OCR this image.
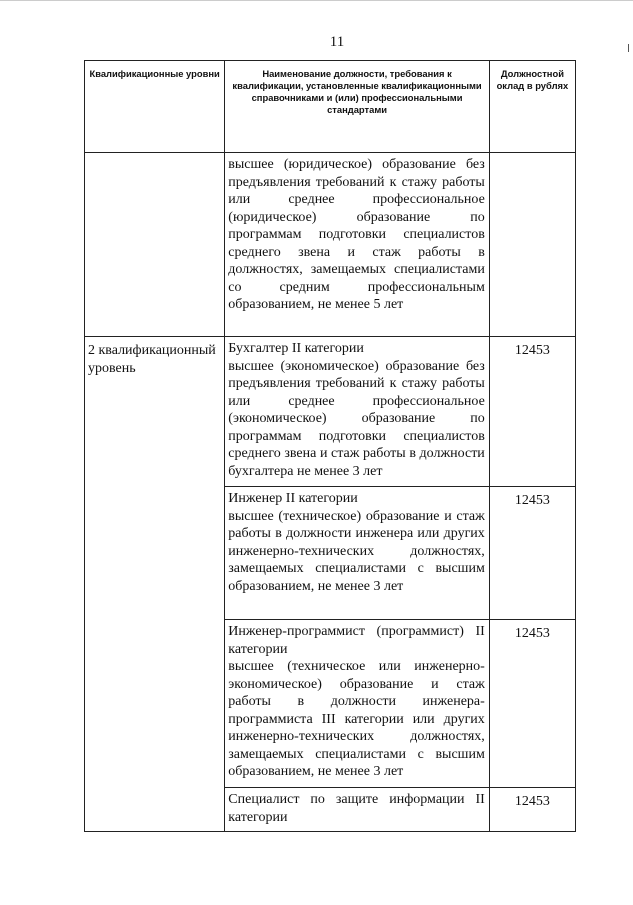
11
Квалификационные уровни	Наименование должности, требования к квалификации, установленные квалификационными справочниками и (или) профессиональными стандартами	Должностной оклад в рублях

	высшее (юридическое) образование без предъявления требований к стажу работы или среднее профессиональное (юридическое) образование по программам подготовки специалистов среднего звена и стаж работы в должностях, замещаемых специалистами со средним профессиональным образованием, не менее 5 лет	

2 квалификационный уровень	Бухгалтер II категории
высшее (экономическое) образование без предъявления требований к стажу работы или среднее профессиональное (экономическое) образование по программам подготовки специалистов среднего звена и стаж работы в должности бухгалтера не менее 3 лет	12453

	Инженер II категории
высшее (техническое) образование и стаж работы в должности инженера или других инженерно-технических должностях, замещаемых специалистами с высшим образованием, не менее 3 лет	12453

	Инженер-программист (программист) II категории
высшее (техническое или инженерно-экономическое) образование и стаж работы в должности инженера-программиста III категории или других инженерно-технических должностях, замещаемых специалистами с высшим образованием, не менее 3 лет	12453

	Специалист по защите информации II категории	12453
